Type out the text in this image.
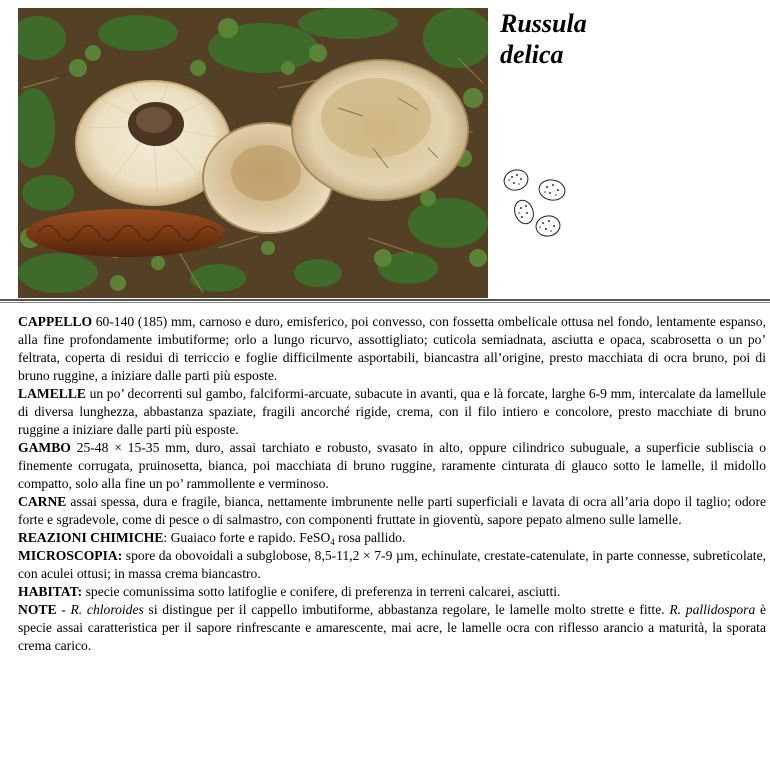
Russula
delica

CAPPELLO 60-140 (185) mm, carnoso e duro, emisferico, poi convesso, con fossetta ombelicale ottusa nel fondo, lentamente espanso, alla fine profondamente imbutiforme; orlo a lungo ricurvo, assottigliato; cuticola semiadnata, asciutta e opaca, scabrosetta o un po’ feltrata, coperta di residui di terriccio e foglie difficilmente asportabili, biancastra all’origine, presto macchiata di ocra bruno, poi di bruno ruggine, a iniziare dalle parti più esposte.

LAMELLE un po’ decorrenti sul gambo, falciformi-arcuate, subacute in avanti, qua e là forcate, larghe 6-9 mm, intercalate da lamellule di diversa lunghezza, abbastanza spaziate, fragili ancorché rigide, crema, con il filo intiero e concolore, presto macchiate di bruno ruggine a iniziare dalle parti più esposte.

GAMBO 25-48 × 15-35 mm, duro, assai tarchiato e robusto, svasato in alto, oppure cilindrico subuguale, a superficie subliscia o finemente corrugata, pruinosetta, bianca, poi macchiata di bruno ruggine, raramente cinturata di glauco sotto le lamelle, il midollo compatto, solo alla fine un po’ rammollente e verminoso.

CARNE assai spessa, dura e fragile, bianca, nettamente imbrunente nelle parti superficiali e lavata di ocra all’aria dopo il taglio; odore forte e sgradevole, come di pesce o di salmastro, con componenti fruttate in gioventù, sapore pepato almeno sulle lamelle.

REAZIONI CHIMICHE: Guaiaco forte e rapido. FeSO$_4$ rosa pallido.

MICROSCOPIA: spore da obovoidali a subglobose, 8,5-11,2 × 7-9 µm, echinulate, crestate-catenulate, in parte connesse, subreticolate, con aculei ottusi; in massa crema biancastro.

HABITAT: specie comunissima sotto latifoglie e conifere, di preferenza in terreni calcarei, asciutti.

NOTE - R. chloroides si distingue per il cappello imbutiforme, abbastanza regolare, le lamelle molto strette e fitte. R. pallidospora è specie assai caratteristica per il sapore rinfrescante e amarescente, mai acre, le lamelle ocra con riflesso arancio a maturità, la sporata crema carico.
